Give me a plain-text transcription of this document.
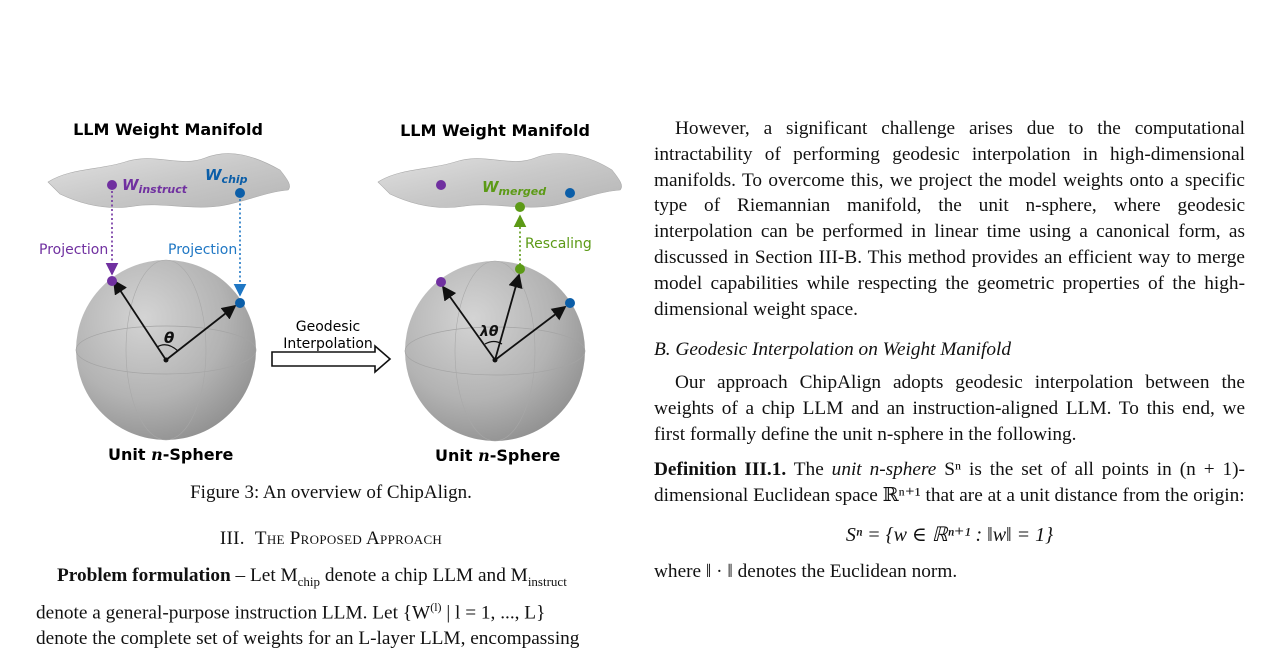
LLM Weight Manifold
$W_{instruct}$
$W_{chip}$
Projection	Projection
θ
Unit n-Sphere
Geodesic
Interpolation
LLM Weight Manifold
$W_{merged}$
Rescaling
λθ
Unit n-Sphere
Figure 3: An overview of ChipAlign.
III. The Proposed Approach

Problem formulation – Let $M_{chip}$ denote a chip LLM and $M_{instruct}$

denote a general-purpose instruction LLM. Let {$W^{(l)}$ | l = 1, ..., L}

denote the complete set of weights for an L-layer LLM, encompassing

However, a significant challenge arises due to the computational intractability of performing geodesic interpolation in high-dimensional manifolds. To overcome this, we project the model weights onto a specific type of Riemannian manifold, the unit n-sphere, where geodesic interpolation can be performed in linear time using a canonical form, as discussed in Section III-B. This method provides an efficient way to merge model capabilities while respecting the geometric properties of the high-dimensional weight space.

B. Geodesic Interpolation on Weight Manifold

Our approach ChipAlign adopts geodesic interpolation between the weights of a chip LLM and an instruction-aligned LLM. To this end, we first formally define the unit n-sphere in the following.

Definition III.1. The unit n-sphere Sⁿ is the set of all points in (n + 1)-dimensional Euclidean space ℝⁿ⁺¹ that are at a unit distance from the origin:

Sⁿ = {w ∈ ℝⁿ⁺¹ : ‖w‖ = 1}

where ‖ · ‖ denotes the Euclidean norm.
